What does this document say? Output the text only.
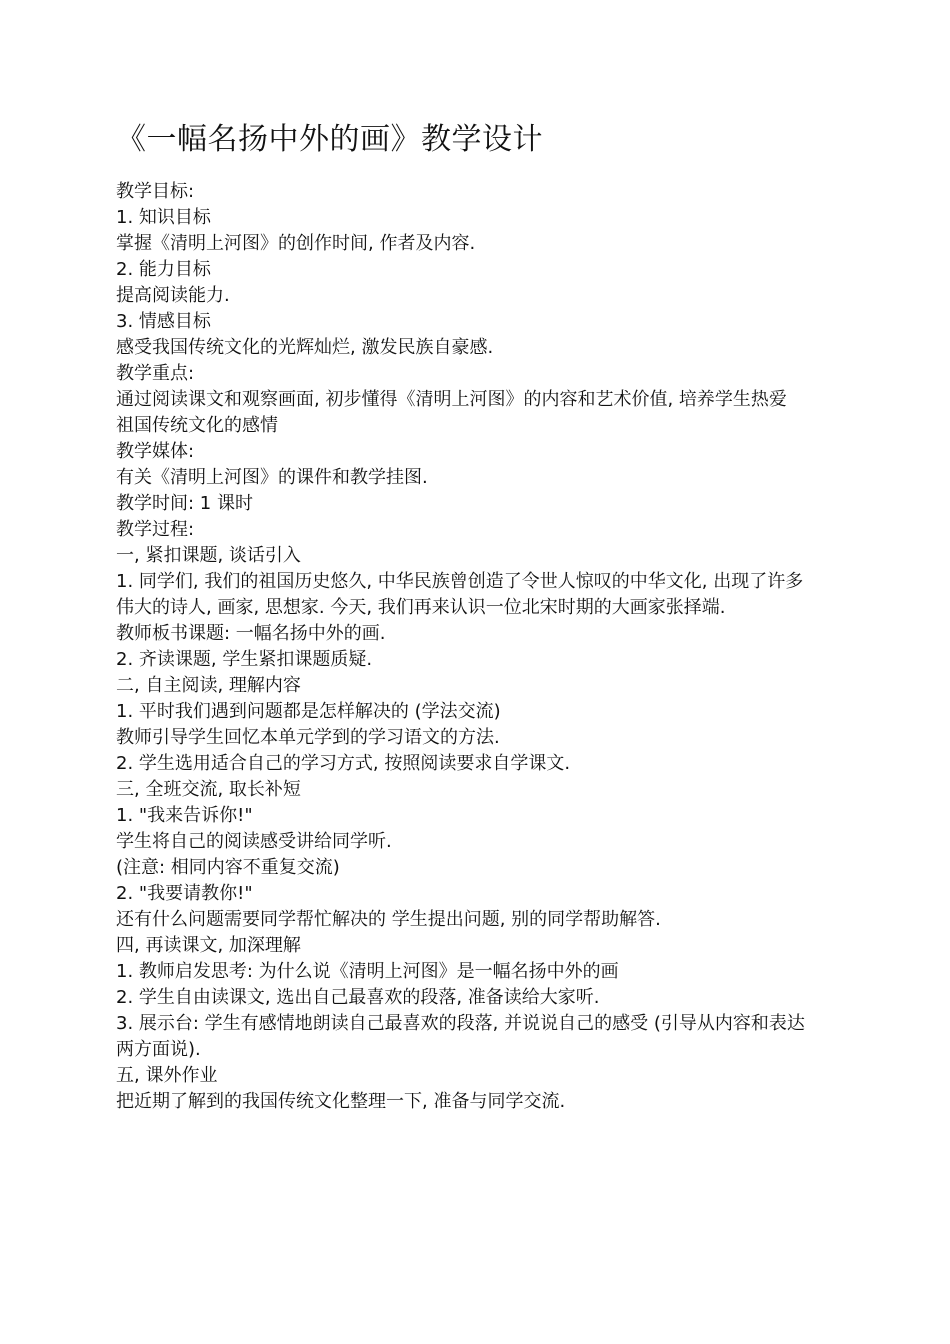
《一幅名扬中外的画》教学设计

教学目标:

1. 知识目标

掌握《清明上河图》的创作时间, 作者及内容.

2. 能力目标

提高阅读能力.

3. 情感目标

感受我国传统文化的光辉灿烂, 激发民族自豪感.

教学重点:

通过阅读课文和观察画面, 初步懂得《清明上河图》的内容和艺术价值, 培养学生热爱

祖国传统文化的感情

教学媒体:

有关《清明上河图》的课件和教学挂图.

教学时间: 1 课时

教学过程:

一, 紧扣课题, 谈话引入

1. 同学们, 我们的祖国历史悠久, 中华民族曾创造了令世人惊叹的中华文化, 出现了许多

伟大的诗人, 画家, 思想家. 今天, 我们再来认识一位北宋时期的大画家张择端.

教师板书课题: 一幅名扬中外的画.

2. 齐读课题, 学生紧扣课题质疑.

二, 自主阅读, 理解内容

1. 平时我们遇到问题都是怎样解决的 (学法交流)

教师引导学生回忆本单元学到的学习语文的方法.

2. 学生选用适合自己的学习方式, 按照阅读要求自学课文.

三, 全班交流, 取长补短

1. "我来告诉你!"

学生将自己的阅读感受讲给同学听.

(注意: 相同内容不重复交流)

2. "我要请教你!"

还有什么问题需要同学帮忙解决的 学生提出问题, 别的同学帮助解答.

四, 再读课文, 加深理解

1. 教师启发思考: 为什么说《清明上河图》是一幅名扬中外的画

2. 学生自由读课文, 选出自己最喜欢的段落, 准备读给大家听.

3. 展示台: 学生有感情地朗读自己最喜欢的段落, 并说说自己的感受 (引导从内容和表达

两方面说).

五, 课外作业

把近期了解到的我国传统文化整理一下, 准备与同学交流.
